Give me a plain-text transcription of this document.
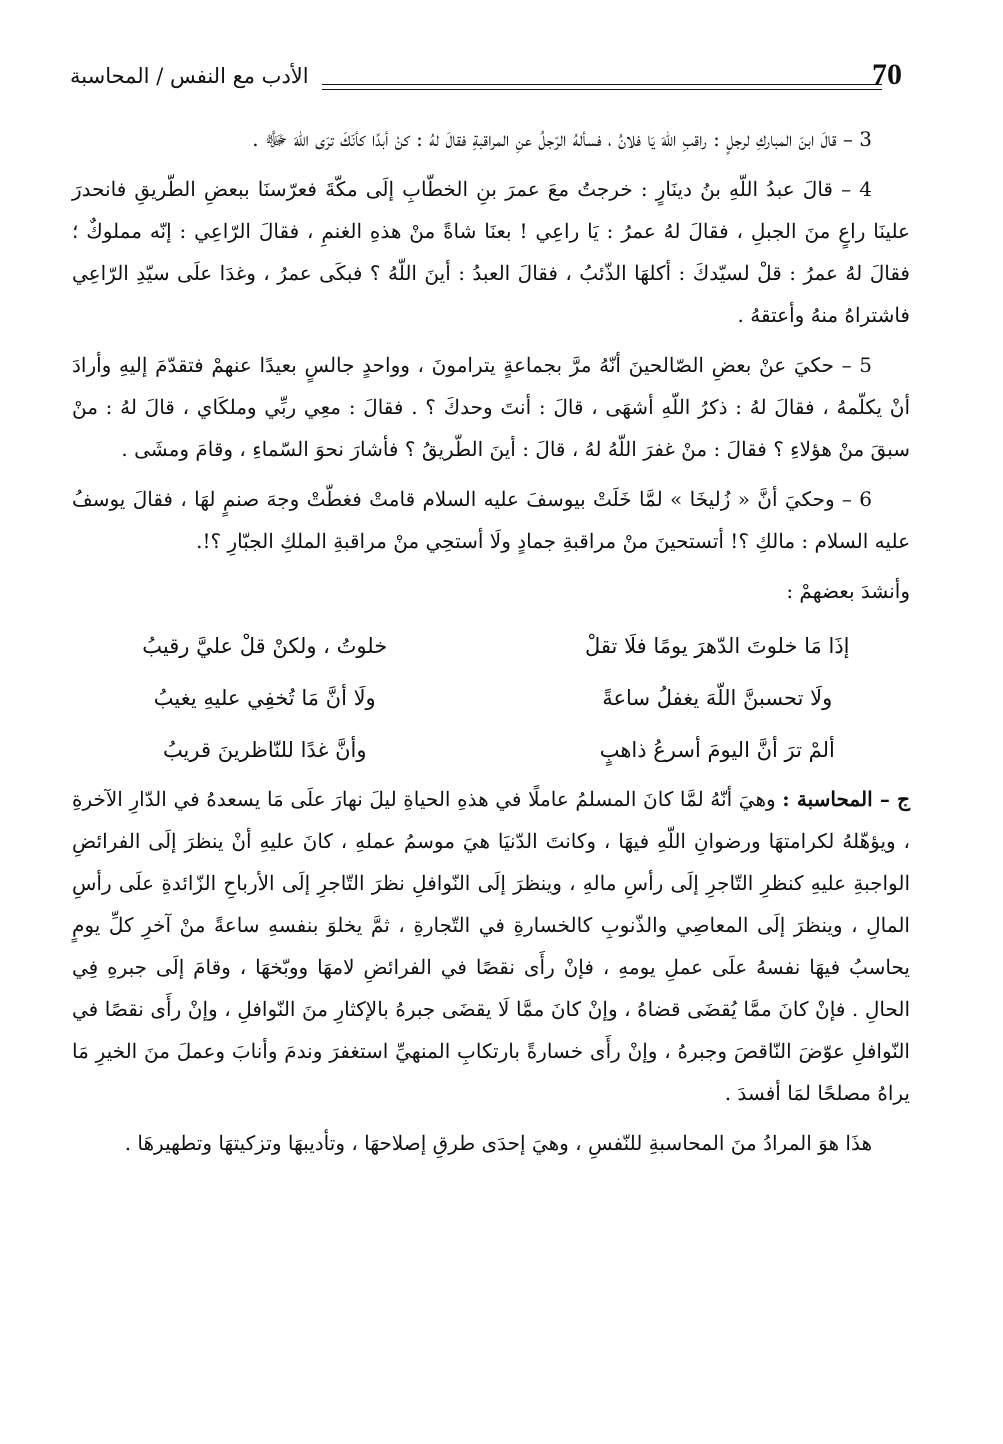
70
الأدب مع النفس / المحاسبة

3 – قالَ ابنَ المباركِ لرجلٍ : راقبِ اللّهَ يَا فلانُ ، فسألهُ الرّجلُ عنِ المراقبةِ فقالَ لهُ : كنْ أبدًا كأنّكَ ترَى اللّهَ ﷻ .

4 – قالَ عبدُ اللّهِ بنُ دينَارٍ : خرجتُ معَ عمرَ بنِ الخطّابِ إلَى مكّةَ فعرّسنَا ببعضِ الطّريقِ فانحدرَ علينَا راعٍ منَ الجبلِ ، فقالَ لهُ عمرُ : يَا راعِي ! بعنَا شاةً منْ هذهِ الغنمِ ، فقالَ الرّاعِي : إنّه مملوكٌ ؛ فقالَ لهُ عمرُ : قلْ لسيّدكَ : أكلهَا الذّئبُ ، فقالَ العبدُ : أينَ اللّهُ ؟ فبكَى عمرُ ، وغدَا علَى سيّدِ الرّاعِي فاشتراهُ منهُ وأعتقهُ .

5 – حكيَ عنْ بعضِ الصّالحينَ أنّهُ مرَّ بجماعةٍ يترامونَ ، وواحدٍ جالسٍ بعيدًا عنهمْ فتقدّمَ إليهِ وأرادَ أنْ يكلّمهُ ، فقالَ لهُ : ذكرُ اللّهِ أشهَى ، قالَ : أنتَ وحدكَ ؟ . فقالَ : معِي ربِّي وملكَاي ، قالَ لهُ : منْ سبقَ منْ هؤلاءِ ؟ فقالَ : منْ غفرَ اللّهُ لهُ ، قالَ : أينَ الطّريقُ ؟ فأشارَ نحوَ السّماءِ ، وقامَ ومشَى .

6 – وحكيَ أنَّ « زُليخَا » لمَّا خَلَتْ بيوسفَ عليه السلام قامتْ فغطّتْ وجهَ صنمٍ لهَا ، فقالَ يوسفُ عليه السلام : مالكِ ؟! أتستحينَ منْ مراقبةِ جمادٍ ولَا أستحِي منْ مراقبةِ الملكِ الجبّارِ ؟!.

وأنشدَ بعضهمْ :

إذَا مَا خلوتَ الدّهرَ يومًا فلَا تقلْ
خلوتُ ، ولكنْ قلْ عليَّ رقيبُ
ولَا تحسبنَّ اللّهَ يغفلُ ساعةً
ولَا أنَّ مَا تُخفِي عليهِ يغيبُ
ألمْ ترَ أنَّ اليومَ أسرعُ ذاهبٍ
وأنَّ غدًا للنّاظرينَ قريبُ

ج – المحاسبة : وهيَ أنّهُ لمَّا كانَ المسلمُ عاملًا في هذهِ الحياةِ ليلَ نهارَ علَى مَا يسعدهُ في الدّارِ الآخرةِ ، ويؤهّلهُ لكرامتهَا ورضوانِ اللّهِ فيهَا ، وكانتَ الدّنيَا هيَ موسمُ عملهِ ، كانَ عليهِ أنْ ينظرَ إلَى الفرائضِ الواجبةِ عليهِ كنظرِ التّاجرِ إلَى رأسِ مالهِ ، وينظرَ إلَى النّوافلِ نظرَ التّاجرِ إلَى الأرباحِ الزّائدةِ علَى رأسِ المالِ ، وينظرَ إلَى المعاصِي والذّنوبِ كالخسارةِ في التّجارةِ ، ثمَّ يخلوَ بنفسهِ ساعةً منْ آخرِ كلِّ يومٍ يحاسبُ فيهَا نفسهُ علَى عملِ يومهِ ، فإنْ رأَى نقصًا في الفرائضِ لامهَا ووبّخهَا ، وقامَ إلَى جبرهِ فِي الحالِ . فإنْ كانَ ممَّا يُقضَى قضاهُ ، وإنْ كانَ ممَّا لَا يقضَى جبرهُ بالإكثارِ منَ النّوافلِ ، وإنْ رأَى نقصًا في النّوافلِ عوّضَ النّاقصَ وجبرهُ ، وإنْ رأَى خسارةً بارتكابِ المنهيِّ استغفرَ وندمَ وأنابَ وعملَ منَ الخيرِ مَا يراهُ مصلحًا لمَا أفسدَ .

هذَا هوَ المرادُ منَ المحاسبةِ للنّفسِ ، وهيَ إحدَى طرقِ إصلاحهَا ، وتأديبهَا وتزكيتهَا وتطهيرهَا .
